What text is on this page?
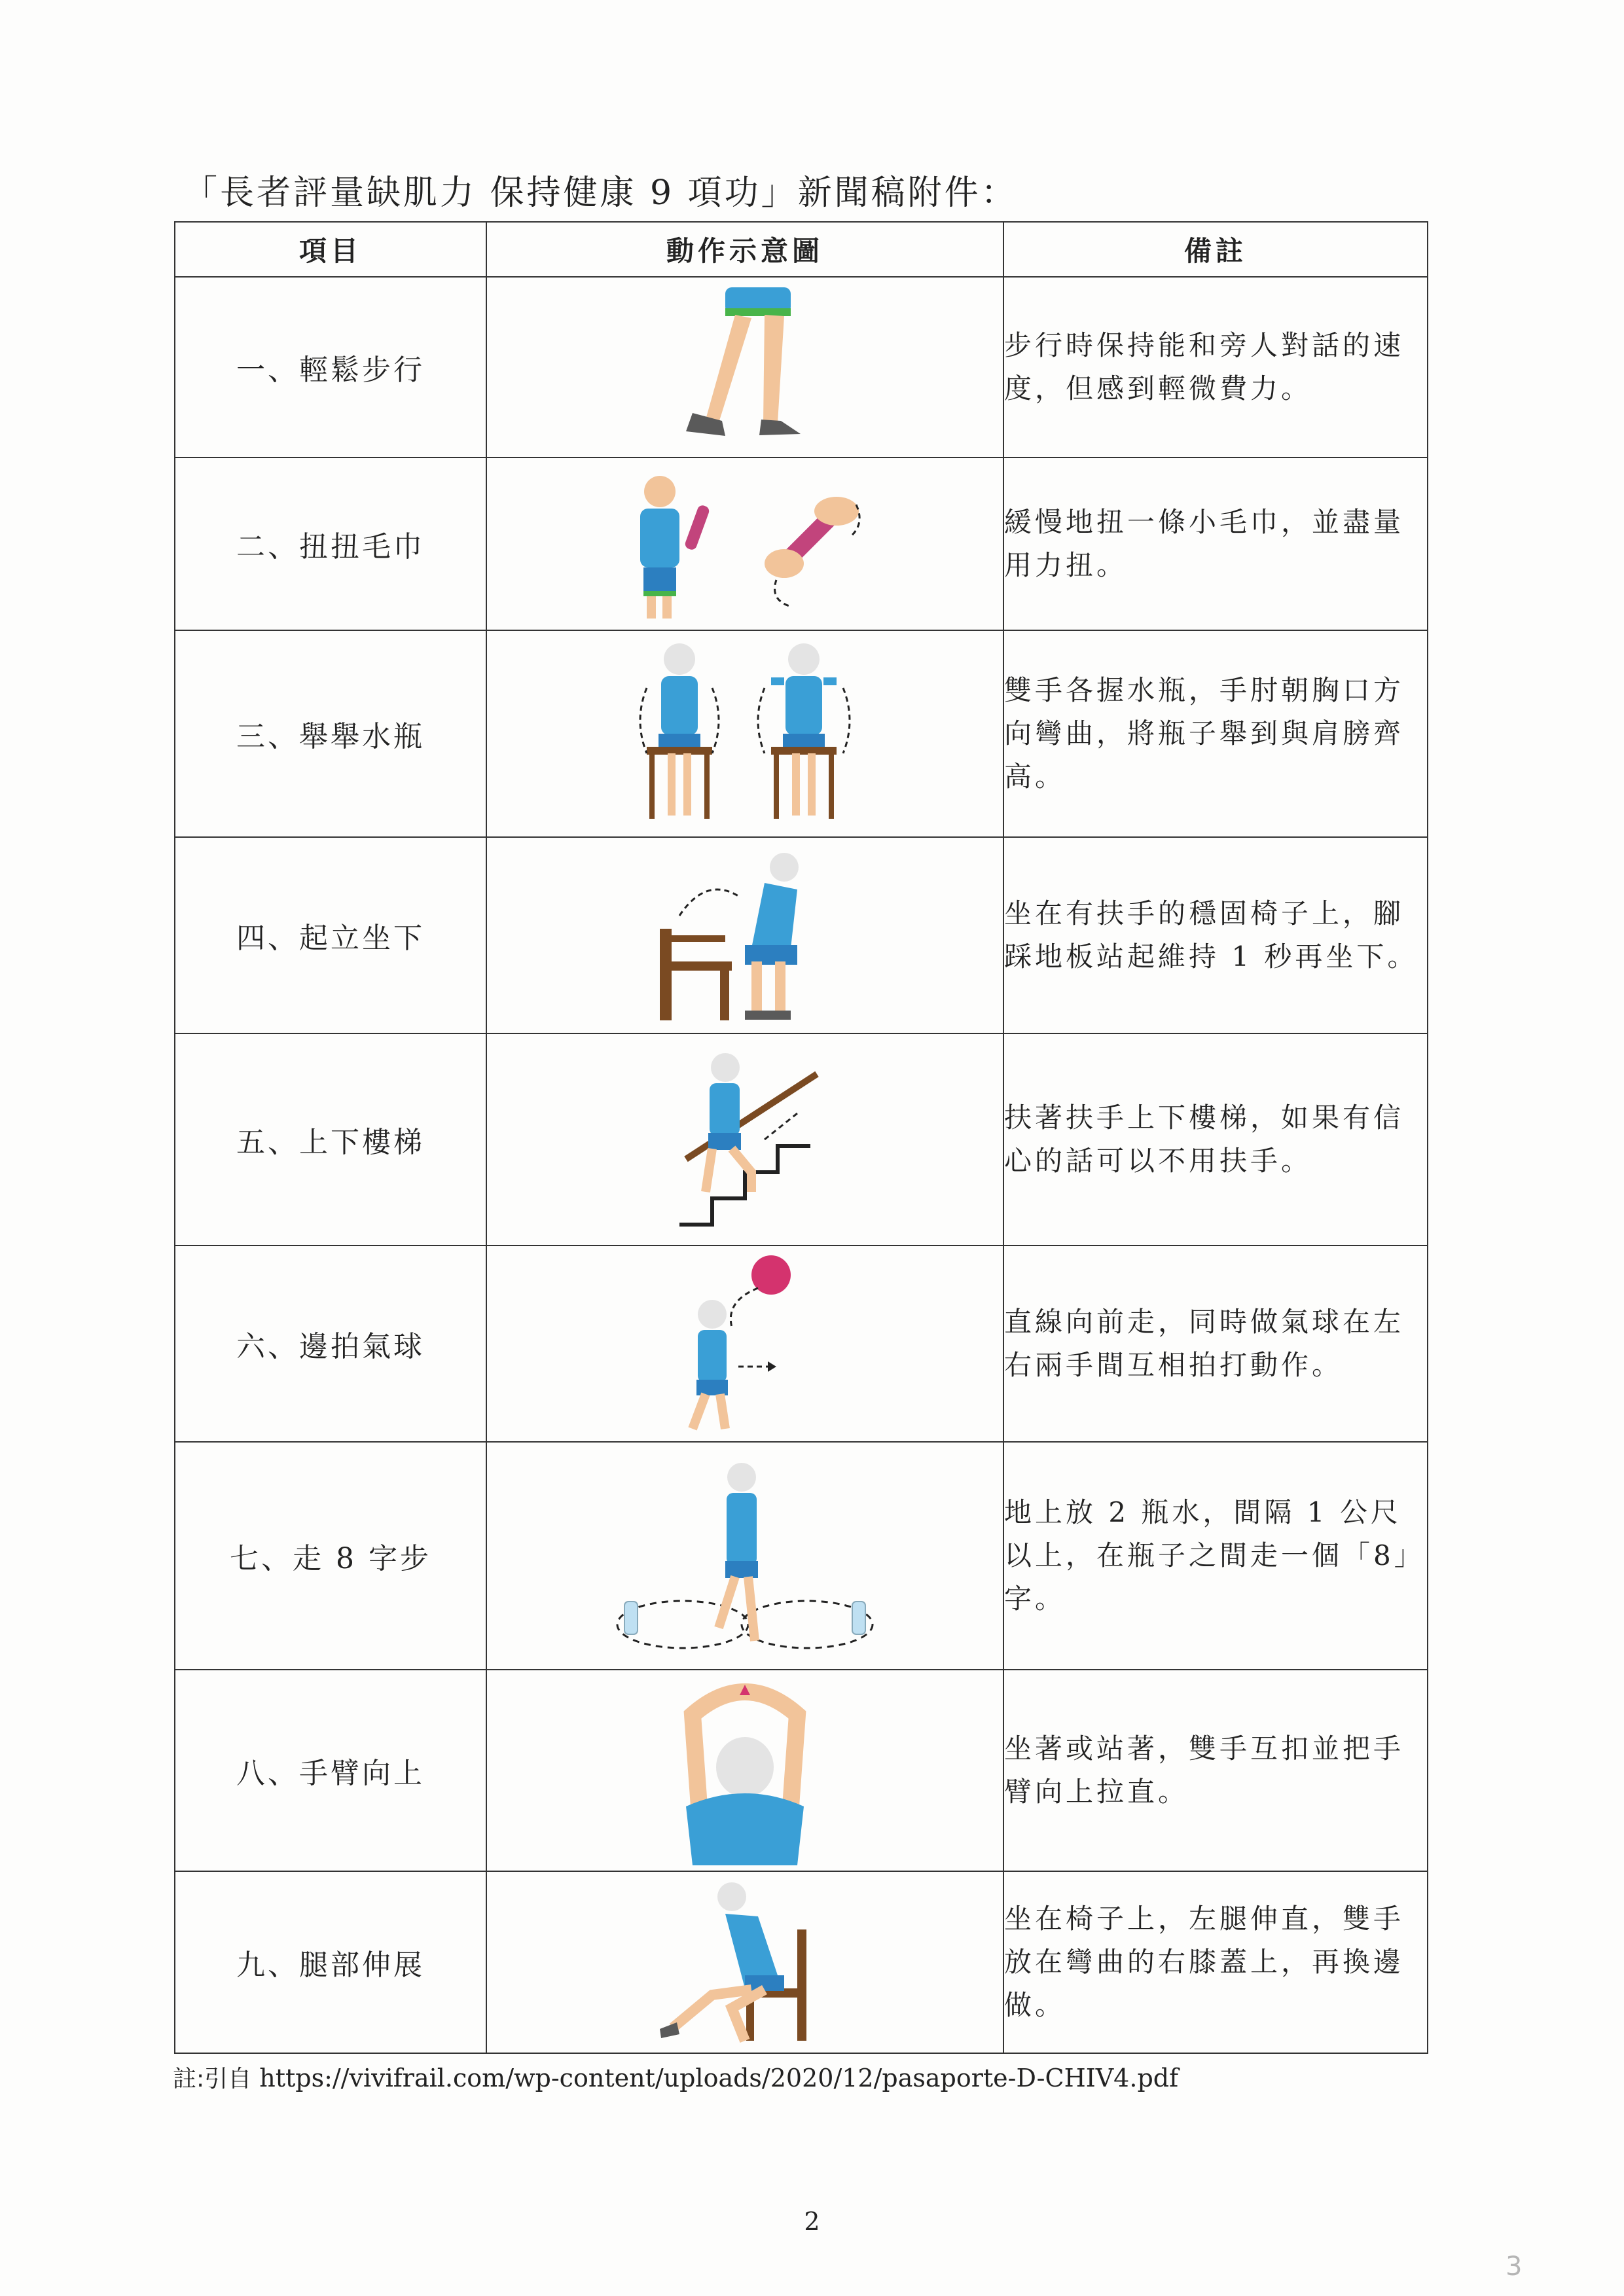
「長者評量缺肌力 保持健康 9 項功」新聞稿附件：
項目	動作示意圖	備註
一、輕鬆步行		步行時保持能和旁人對話的速度，但感到輕微費力。
二、扭扭毛巾		緩慢地扭一條小毛巾，並盡量用力扭。
三、舉舉水瓶		雙手各握水瓶，手肘朝胸口方向彎曲，將瓶子舉到與肩膀齊高。
四、起立坐下		坐在有扶手的穩固椅子上，腳踩地板站起維持 1 秒再坐下。
五、上下樓梯		扶著扶手上下樓梯，如果有信心的話可以不用扶手。
六、邊拍氣球		直線向前走，同時做氣球在左右兩手間互相拍打動作。
七、走 8 字步		地上放 2 瓶水，間隔 1 公尺以上，在瓶子之間走一個「8」字。
八、手臂向上		坐著或站著，雙手互扣並把手臂向上拉直。
九、腿部伸展		坐在椅子上，左腿伸直，雙手放在彎曲的右膝蓋上，再換邊做。
註:引自 https://vivifrail.com/wp-content/uploads/2020/12/pasaporte-D-CHIV4.pdf
2
3
